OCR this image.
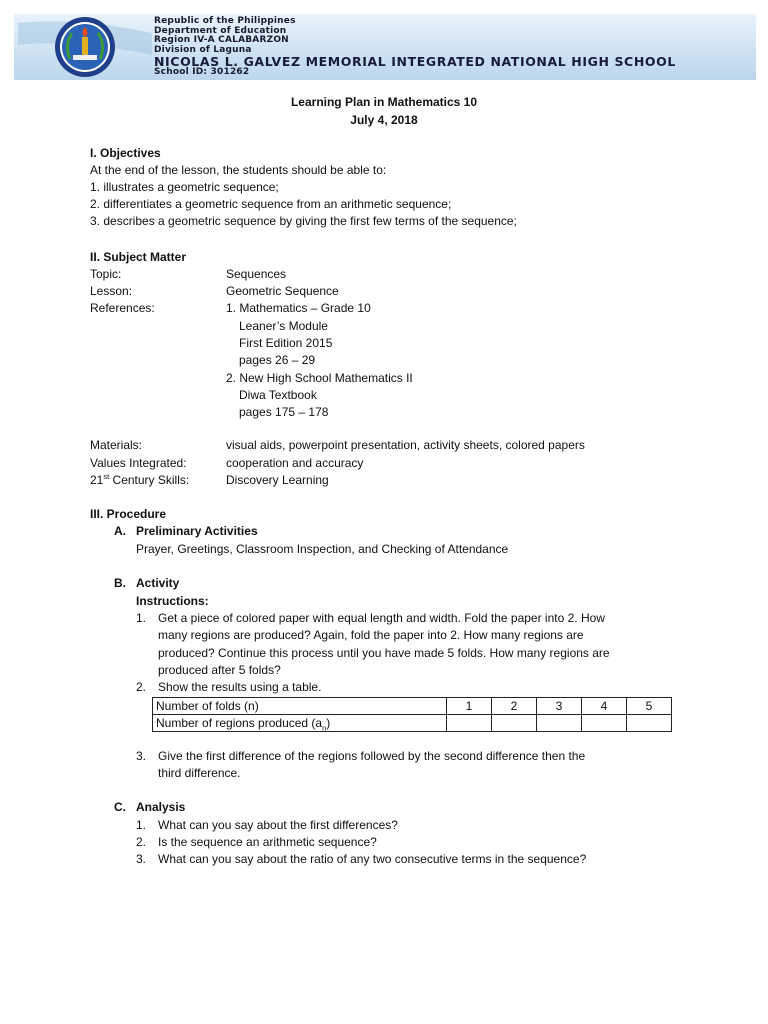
Republic of the Philippines
Department of Education
Region IV-A CALABARZON
Division of Laguna
NICOLAS L. GALVEZ MEMORIAL INTEGRATED NATIONAL HIGH SCHOOL
School ID: 301262
Learning Plan in Mathematics 10
July 4, 2018
I. Objectives
At the end of the lesson, the students should be able to:
1. illustrates a geometric sequence;
2. differentiates a geometric sequence from an arithmetic sequence;
3. describes a geometric sequence by giving the first few terms of the sequence;
II. Subject Matter
Topic:	Sequences
Lesson:	Geometric Sequence
References:	1. Mathematics – Grade 10
Leaner’s Module
First Edition 2015
pages 26 – 29
2. New High School Mathematics II
Diwa Textbook
pages 175 – 178
Materials:	visual aids, powerpoint presentation, activity sheets, colored papers
Values Integrated:	cooperation and accuracy
21st Century Skills:	Discovery Learning
III. Procedure
A. Preliminary Activities
Prayer, Greetings, Classroom Inspection, and Checking of Attendance
B. Activity
Instructions:
1. Get a piece of colored paper with equal length and width. Fold the paper into 2. How
many regions are produced? Again, fold the paper into 2. How many regions are
produced? Continue this process until you have made 5 folds. How many regions are
produced after 5 folds?
2. Show the results using a table.
Number of folds (n)	1	2	3	4	5
Number of regions produced $(a_n)$					
3. Give the first difference of the regions followed by the second difference then the
third difference.
C. Analysis
1. What can you say about the first differences?
2. Is the sequence an arithmetic sequence?
3. What can you say about the ratio of any two consecutive terms in the sequence?
